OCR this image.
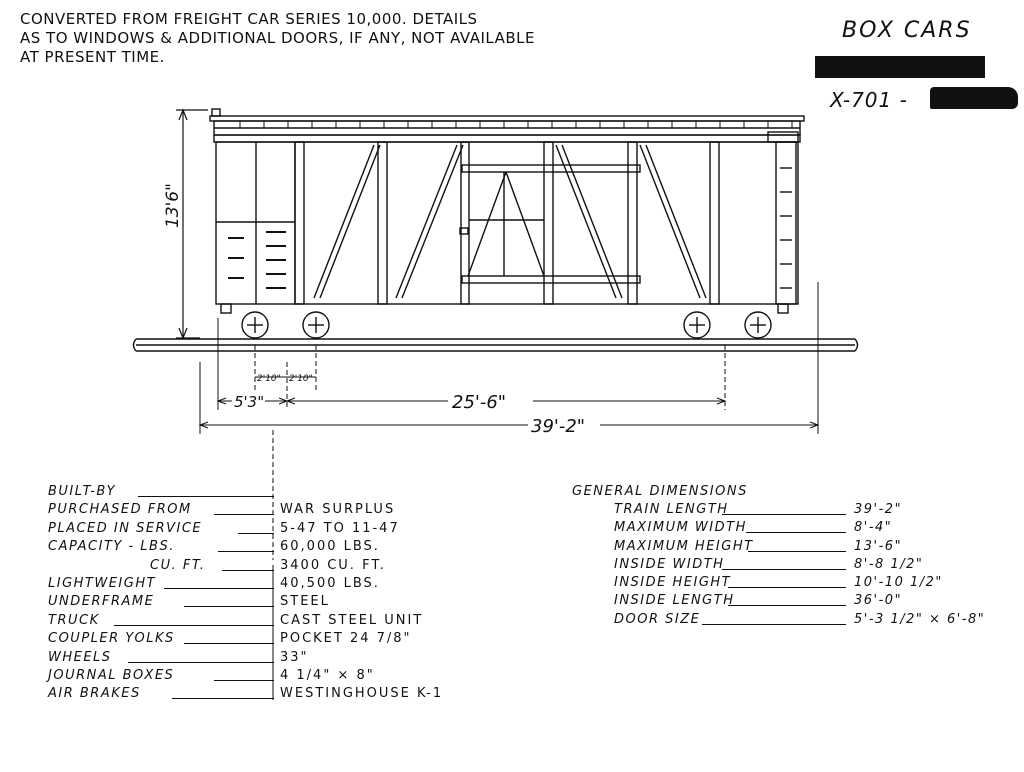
CONVERTED FROM FREIGHT CAR SERIES 10,000. DETAILS
AS TO WINDOWS & ADDITIONAL DOORS, IF ANY, NOT AVAILABLE
AT PRESENT TIME.
BOX CARS
X-701 -
13'6"
2'10" 2'10"
5'3"	25'-6"
39'-2"
BUILT-BY
PURCHASED FROM	WAR SURPLUS
PLACED IN SERVICE	5-47 TO 11-47
CAPACITY - LBS.	60,000 LBS.
CU. FT.	3400 CU. FT.
LIGHTWEIGHT	40,500 LBS.
UNDERFRAME	STEEL
TRUCK	CAST STEEL UNIT
COUPLER YOLKS	POCKET 24 7/8"
WHEELS	33"
JOURNAL BOXES	4 1/4" × 8"
AIR BRAKES	WESTINGHOUSE K-1
GENERAL DIMENSIONS
TRAIN LENGTH	39'-2"
MAXIMUM WIDTH	8'-4"
MAXIMUM HEIGHT	13'-6"
INSIDE WIDTH	8'-8 1/2"
INSIDE HEIGHT	10'-10 1/2"
INSIDE LENGTH	36'-0"
DOOR SIZE	5'-3 1/2" × 6'-8"
